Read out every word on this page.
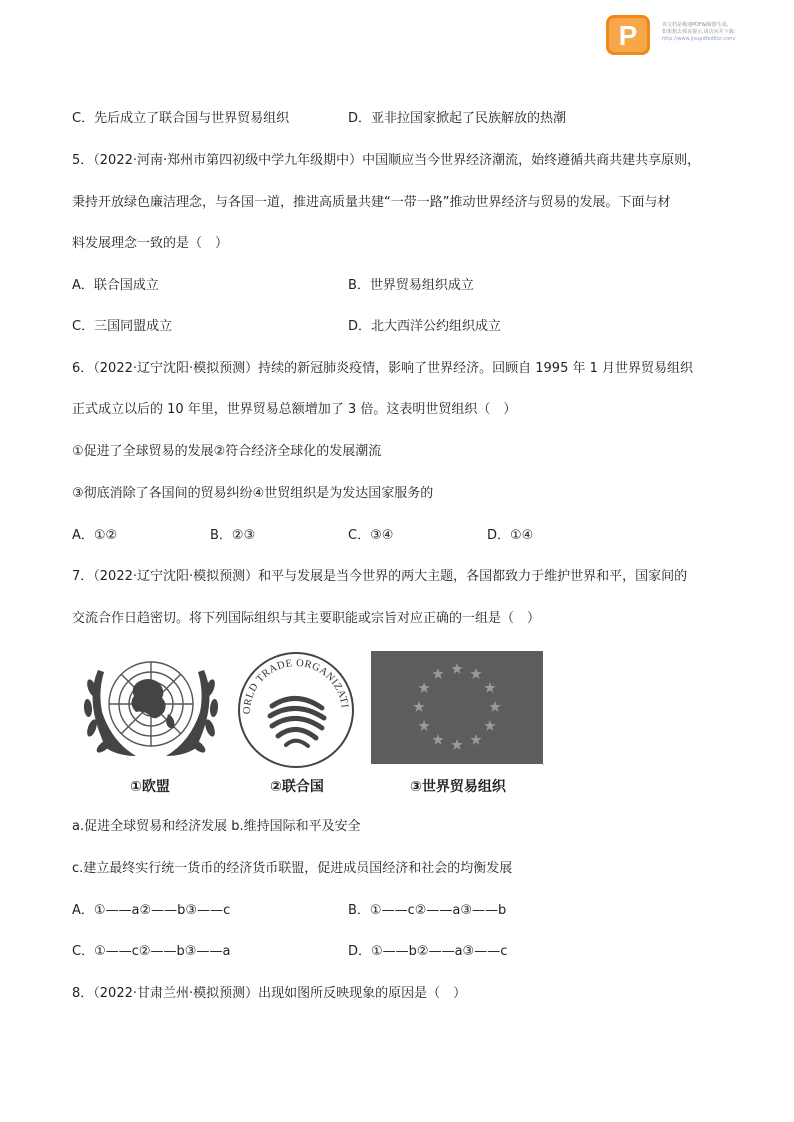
P	该文档是极速PDF编辑器生成,
如果想去掉该提示,请访问并下载:
http://www.jisupdfeditor.com/
C．先后成立了联合国与世界贸易组织	D．亚非拉国家掀起了民族解放的热潮
5．（2022·河南·郑州市第四初级中学九年级期中）中国顺应当今世界经济潮流，始终遵循共商共建共享原则，
秉持开放绿色廉洁理念，与各国一道，推进高质量共建“一带一路”推动世界经济与贸易的发展。下面与材
料发展理念一致的是（　）
A．联合国成立	B．世界贸易组织成立
C．三国同盟成立	D．北大西洋公约组织成立
6．（2022·辽宁沈阳·模拟预测）持续的新冠肺炎疫情，影响了世界经济。回顾自 1995 年 1 月世界贸易组织
正式成立以后的 10 年里，世界贸易总额增加了 3 倍。这表明世贸组织（　）
①促进了全球贸易的发展②符合经济全球化的发展潮流
③彻底消除了各国间的贸易纠纷④世贸组织是为发达国家服务的
A．①②	B．②③	C．③④	D．①④
7．（2022·辽宁沈阳·模拟预测）和平与发展是当今世界的两大主题，各国都致力于维护世界和平，国家间的
交流合作日趋密切。将下列国际组织与其主要职能或宗旨对应正确的一组是（　）
ORLD TRADE ORGANIZATI
.
①欧盟	②联合国	③世界贸易组织
a.促进全球贸易和经济发展 b.维持国际和平及安全
c.建立最终实行统一货币的经济货币联盟，促进成员国经济和社会的均衡发展
A．①——a②——b③——c	B．①——c②——a③——b
C．①——c②——b③——a	D．①——b②——a③——c
8．（2022·甘肃兰州·模拟预测）出现如图所反映现象的原因是（　）
